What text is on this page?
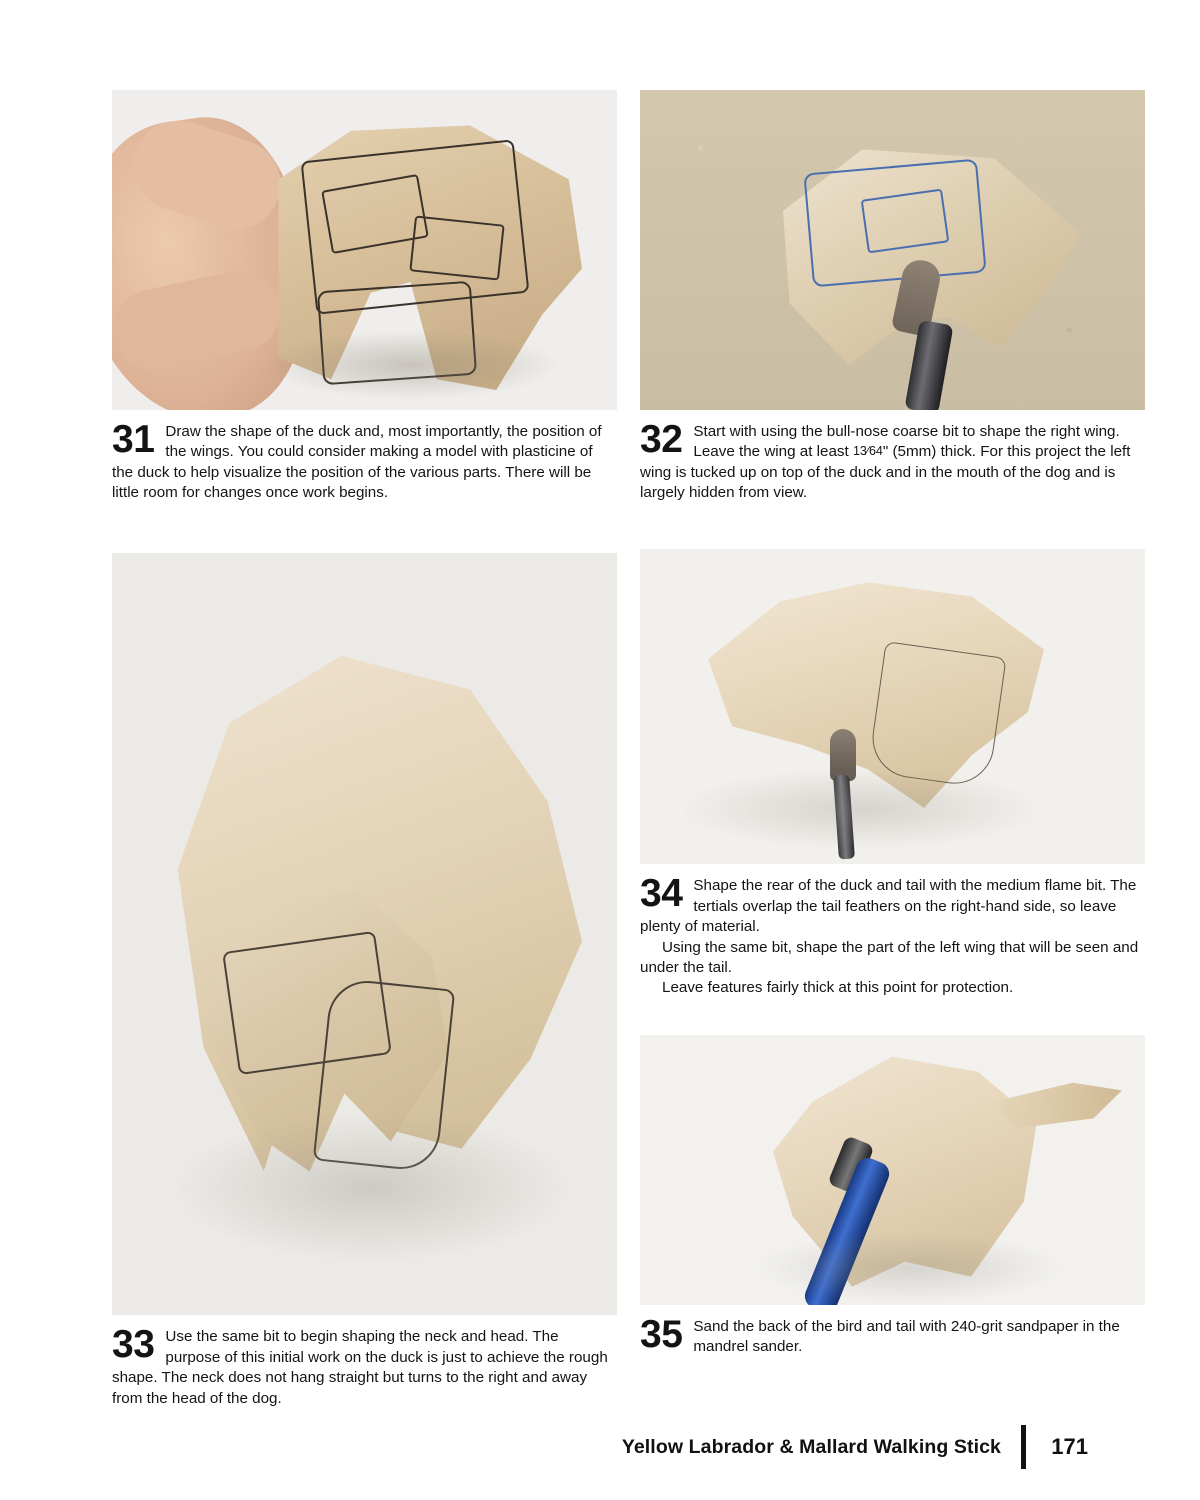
31 Draw the shape of the duck and, most importantly, the position of the wings. You could consider making a model with plasticine of the duck to help visualize the position of the various parts. There will be little room for changes once work begins.

33 Use the same bit to begin shaping the neck and head. The purpose of this initial work on the duck is just to achieve the rough shape. The neck does not hang straight but turns to the right and away from the head of the dog.

32 Start with using the bull-nose coarse bit to shape the right wing. Leave the wing at least 13⁄64" (5mm) thick. For this project the left wing is tucked up on top of the duck and in the mouth of the dog and is largely hidden from view.

34 Shape the rear of the duck and tail with the medium flame bit. The tertials overlap the tail feathers on the right-hand side, so leave plenty of material.

Using the same bit, shape the part of the left wing that will be seen and under the tail.

Leave features fairly thick at this point for protection.

35 Sand the back of the bird and tail with 240-grit sandpaper in the mandrel sander.

Yellow Labrador & Mallard Walking Stick 171
